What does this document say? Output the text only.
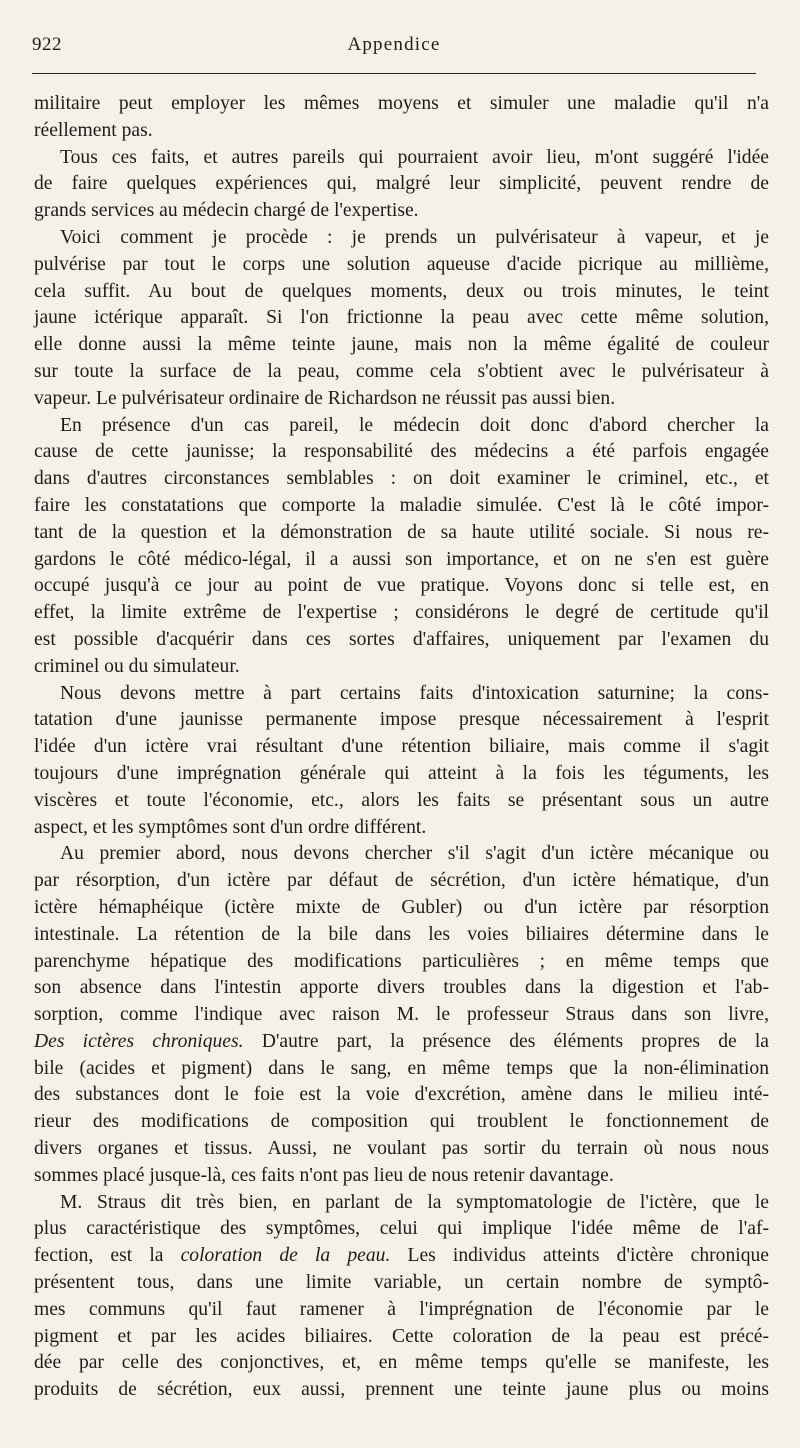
922	Appendice
militaire peut employer les mêmes moyens et simuler une maladie qu'il n'a
réellement pas.
Tous ces faits, et autres pareils qui pourraient avoir lieu, m'ont suggéré l'idée
de faire quelques expériences qui, malgré leur simplicité, peuvent rendre de
grands services au médecin chargé de l'expertise.
Voici comment je procède : je prends un pulvérisateur à vapeur, et je
pulvérise par tout le corps une solution aqueuse d'acide picrique au millième,
cela suffit. Au bout de quelques moments, deux ou trois minutes, le teint
jaune ictérique apparaît. Si l'on frictionne la peau avec cette même solution,
elle donne aussi la même teinte jaune, mais non la même égalité de couleur
sur toute la surface de la peau, comme cela s'obtient avec le pulvérisateur à
vapeur. Le pulvérisateur ordinaire de Richardson ne réussit pas aussi bien.
En présence d'un cas pareil, le médecin doit donc d'abord chercher la
cause de cette jaunisse; la responsabilité des médecins a été parfois engagée
dans d'autres circonstances semblables : on doit examiner le criminel, etc., et
faire les constatations que comporte la maladie simulée. C'est là le côté impor-
tant de la question et la démonstration de sa haute utilité sociale. Si nous re-
gardons le côté médico-légal, il a aussi son importance, et on ne s'en est guère
occupé jusqu'à ce jour au point de vue pratique. Voyons donc si telle est, en
effet, la limite extrême de l'expertise ; considérons le degré de certitude qu'il
est possible d'acquérir dans ces sortes d'affaires, uniquement par l'examen du
criminel ou du simulateur.
Nous devons mettre à part certains faits d'intoxication saturnine; la cons-
tatation d'une jaunisse permanente impose presque nécessairement à l'esprit
l'idée d'un ictère vrai résultant d'une rétention biliaire, mais comme il s'agit
toujours d'une imprégnation générale qui atteint à la fois les téguments, les
viscères et toute l'économie, etc., alors les faits se présentant sous un autre
aspect, et les symptômes sont d'un ordre différent.
Au premier abord, nous devons chercher s'il s'agit d'un ictère mécanique ou
par résorption, d'un ictère par défaut de sécrétion, d'un ictère hématique, d'un
ictère hémaphéique (ictère mixte de Gubler) ou d'un ictère par résorption
intestinale. La rétention de la bile dans les voies biliaires détermine dans le
parenchyme hépatique des modifications particulières ; en même temps que
son absence dans l'intestin apporte divers troubles dans la digestion et l'ab-
sorption, comme l'indique avec raison M. le professeur Straus dans son livre,
Des ictères chroniques. D'autre part, la présence des éléments propres de la
bile (acides et pigment) dans le sang, en même temps que la non-élimination
des substances dont le foie est la voie d'excrétion, amène dans le milieu inté-
rieur des modifications de composition qui troublent le fonctionnement de
divers organes et tissus. Aussi, ne voulant pas sortir du terrain où nous nous
sommes placé jusque-là, ces faits n'ont pas lieu de nous retenir davantage.
M. Straus dit très bien, en parlant de la symptomatologie de l'ictère, que le
plus caractéristique des symptômes, celui qui implique l'idée même de l'af-
fection, est la coloration de la peau. Les individus atteints d'ictère chronique
présentent tous, dans une limite variable, un certain nombre de symptô-
mes communs qu'il faut ramener à l'imprégnation de l'économie par le
pigment et par les acides biliaires. Cette coloration de la peau est précé-
dée par celle des conjonctives, et, en même temps qu'elle se manifeste, les
produits de sécrétion, eux aussi, prennent une teinte jaune plus ou moins
